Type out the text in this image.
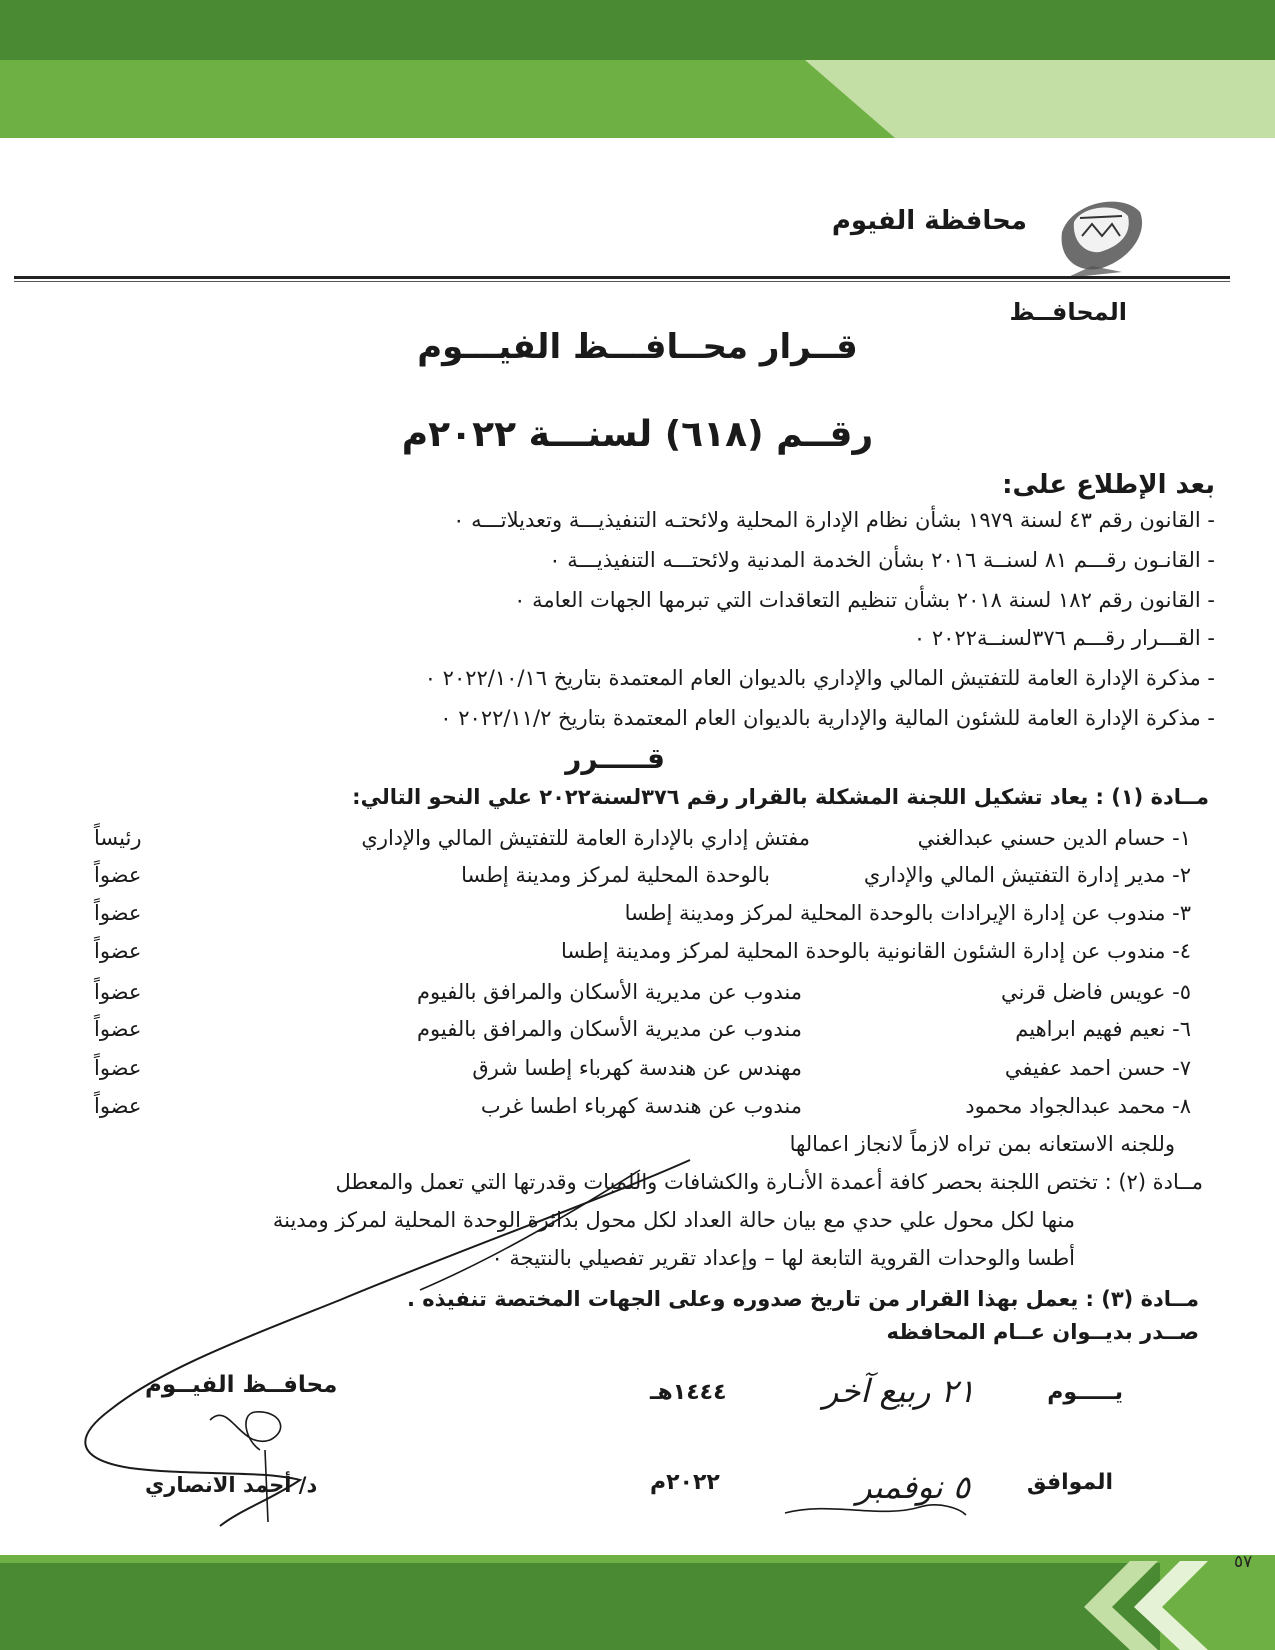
٥٧
محافظة الفيوم
المحافــظ
قــرار محــافـــظ الفيـــوم
رقــم (٦١٨) لسنـــة ٢٠٢٢م
بعد الإطلاع على:
- القانون رقم ٤٣ لسنة ١٩٧٩ بشأن نظام الإدارة المحلية ولائحتـه التنفيذيـــة وتعديلاتـــه ٠
- القانـون رقـــم ٨١ لسنــة ٢٠١٦ بشأن الخدمة المدنية ولائحتـــه التنفيذيـــة ٠
- القانون رقم ١٨٢ لسنة ٢٠١٨ بشأن تنظيم التعاقدات التي تبرمها الجهات العامة ٠
- القـــرار رقـــم ٣٧٦لسنــة٢٠٢٢ ٠
- مذكرة الإدارة العامة للتفتيش المالي والإداري بالديوان العام المعتمدة بتاريخ ٢٠٢٢/١٠/١٦ ٠
- مذكرة الإدارة العامة للشئون المالية والإدارية بالديوان العام المعتمدة بتاريخ ٢٠٢٢/١١/٢ ٠
قـــــرر
مــادة (١) : يعاد تشكيل اللجنة المشكلة بالقرار رقم ٣٧٦لسنة٢٠٢٢ علي النحو التالي:
١- حسام الدين حسني عبدالغني
مفتش إداري بالإدارة العامة للتفتيش المالي والإداري
رئيساً
٢- مدير إدارة التفتيش المالي والإداري
بالوحدة المحلية لمركز ومدينة إطسا
عضواً
٣- مندوب عن إدارة الإيرادات بالوحدة المحلية لمركز ومدينة إطسا
عضواً
٤- مندوب عن إدارة الشئون القانونية بالوحدة المحلية لمركز ومدينة إطسا
عضواً
٥- عويس فاضل قرني
مندوب عن مديرية الأسكان والمرافق بالفيوم
عضواً
٦- نعيم فهيم ابراهيم
مندوب عن مديرية الأسكان والمرافق بالفيوم
عضواً
٧- حسن احمد عفيفي
مهندس عن هندسة كهرباء إطسا شرق
عضواً
٨- محمد عبدالجواد محمود
مندوب عن هندسة كهرباء اطسا غرب
عضواً
وللجنه الاستعانه بمن تراه لازماً لانجاز اعمالها
مــادة (٢) : تختص اللجنة بحصر كافة أعمدة الأنـارة والكشافات واللمبات وقدرتها التي تعمل والمعطل
منها لكل محول علي حدي مع بيان حالة العداد لكل محول بدائرة الوحدة المحلية لمركز ومدينة
أطسا والوحدات القروية التابعة لها – وإعداد تقرير تفصيلي بالنتيجة ٠
مــادة (٣) : يعمل بهذا القرار من تاريخ صدوره وعلى الجهات المختصة تنفيذه .
صــدر بديــوان عــام المحافظه
يـــــوم
٢١ ربيع آخر
١٤٤٤هـ
الموافق
٥ نوفمبر
٢٠٢٢م
محافــظ الفيــوم
د/ أحمد الانصاري
